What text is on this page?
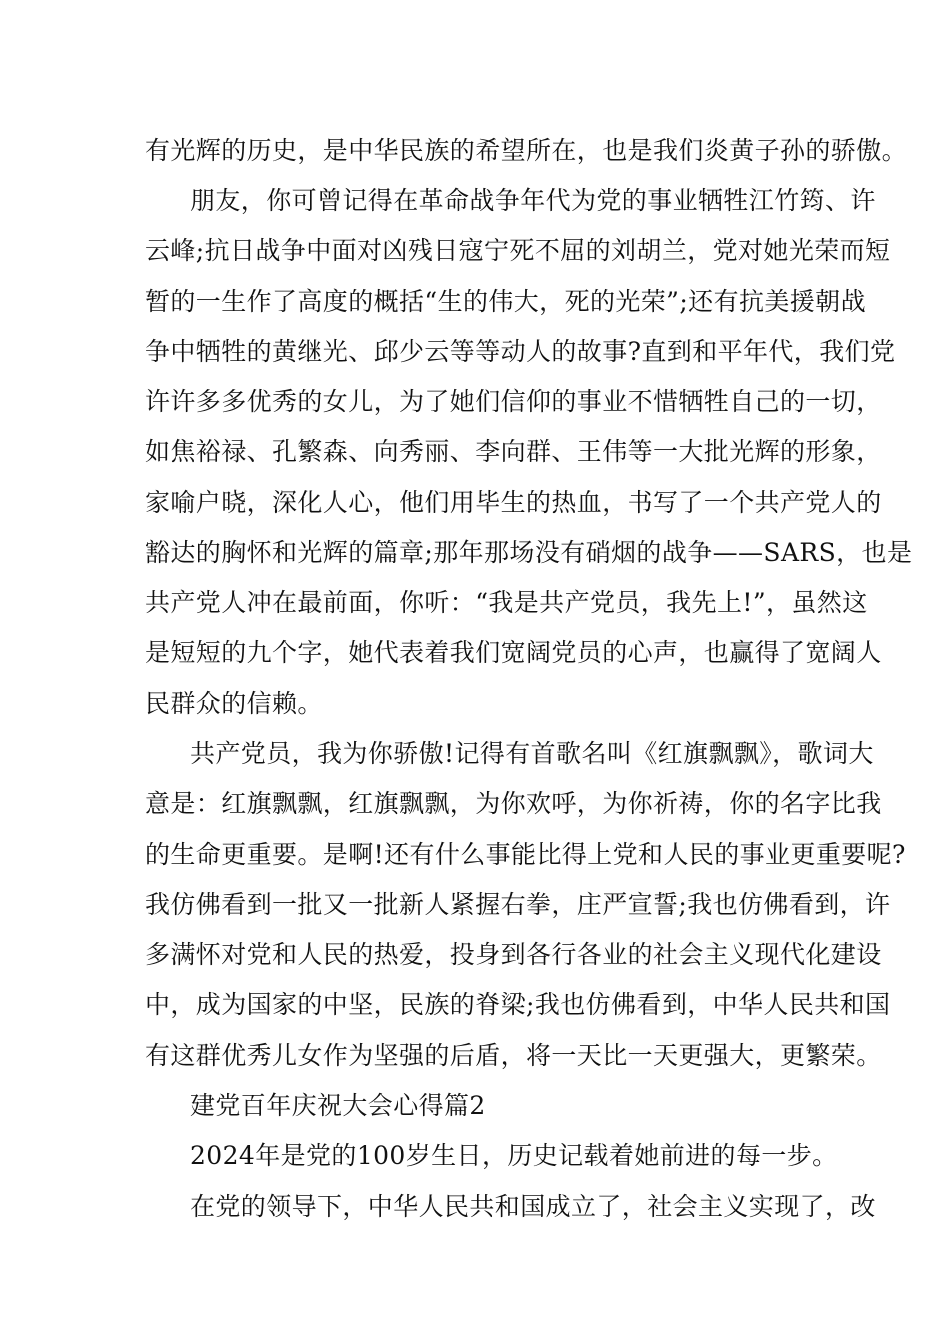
有光辉的历史，是中华民族的希望所在，也是我们炎黄子孙的骄傲。
朋友，你可曾记得在革命战争年代为党的事业牺牲江竹筠、许
云峰;抗日战争中面对凶残日寇宁死不屈的刘胡兰，党对她光荣而短
暂的一生作了高度的概括“生的伟大，死的光荣”;还有抗美援朝战
争中牺牲的黄继光、邱少云等等动人的故事?直到和平年代，我们党
许许多多优秀的女儿，为了她们信仰的事业不惜牺牲自己的一切，
如焦裕禄、孔繁森、向秀丽、李向群、王伟等一大批光辉的形象，
家喻户晓，深化人心，他们用毕生的热血，书写了一个共产党人的
豁达的胸怀和光辉的篇章;那年那场没有硝烟的战争——SARS，也是
共产党人冲在最前面，你听：“我是共产党员，我先上!”，虽然这
是短短的九个字，她代表着我们宽阔党员的心声，也赢得了宽阔人
民群众的信赖。
共产党员，我为你骄傲!记得有首歌名叫《红旗飘飘》，歌词大
意是：红旗飘飘，红旗飘飘，为你欢呼，为你祈祷，你的名字比我
的生命更重要。是啊!还有什么事能比得上党和人民的事业更重要呢?
我仿佛看到一批又一批新人紧握右拳，庄严宣誓;我也仿佛看到，许
多满怀对党和人民的热爱，投身到各行各业的社会主义现代化建设
中，成为国家的中坚，民族的脊梁;我也仿佛看到，中华人民共和国
有这群优秀儿女作为坚强的后盾，将一天比一天更强大，更繁荣。
建党百年庆祝大会心得篇2
2024年是党的100岁生日，历史记载着她前进的每一步。
在党的领导下，中华人民共和国成立了，社会主义实现了，改
